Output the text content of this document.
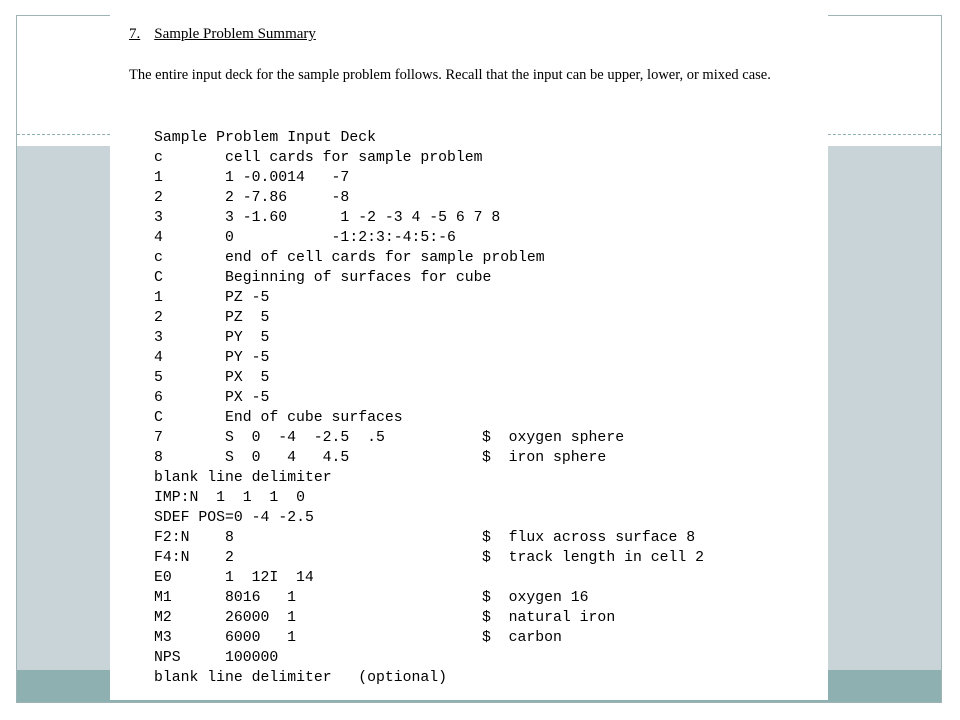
7. Sample Problem Summary

The entire input deck for the sample problem follows. Recall that the input can be upper, lower, or mixed case.

Sample Problem Input Deck
c	cell cards for sample problem
1	1 -0.0014   -7
2	2 -7.86     -8
3	3 -1.60      1 -2 -3 4 -5 6 7 8
4	0           -1:2:3:-4:5:-6
c	end of cell cards for sample problem
C	Beginning of surfaces for cube
1	PZ -5
2	PZ  5
3	PY  5
4	PY -5
5	PX  5
6	PX -5
C	End of cube surfaces
7	S  0  -4  -2.5  .5	$  oxygen sphere
8	S  0   4   4.5	$  iron sphere
blank line delimiter
IMP:N  1  1  1  0
SDEF POS=0 -4 -2.5
F2:N 8	$  flux across surface 8
F4:N 2	$  track length in cell 2
E0	1  12I  14
M1	8016   1	$  oxygen 16
M2	26000  1	$  natural iron
M3	6000   1	$  carbon
NPS	100000
blank line delimiter   (optional)
